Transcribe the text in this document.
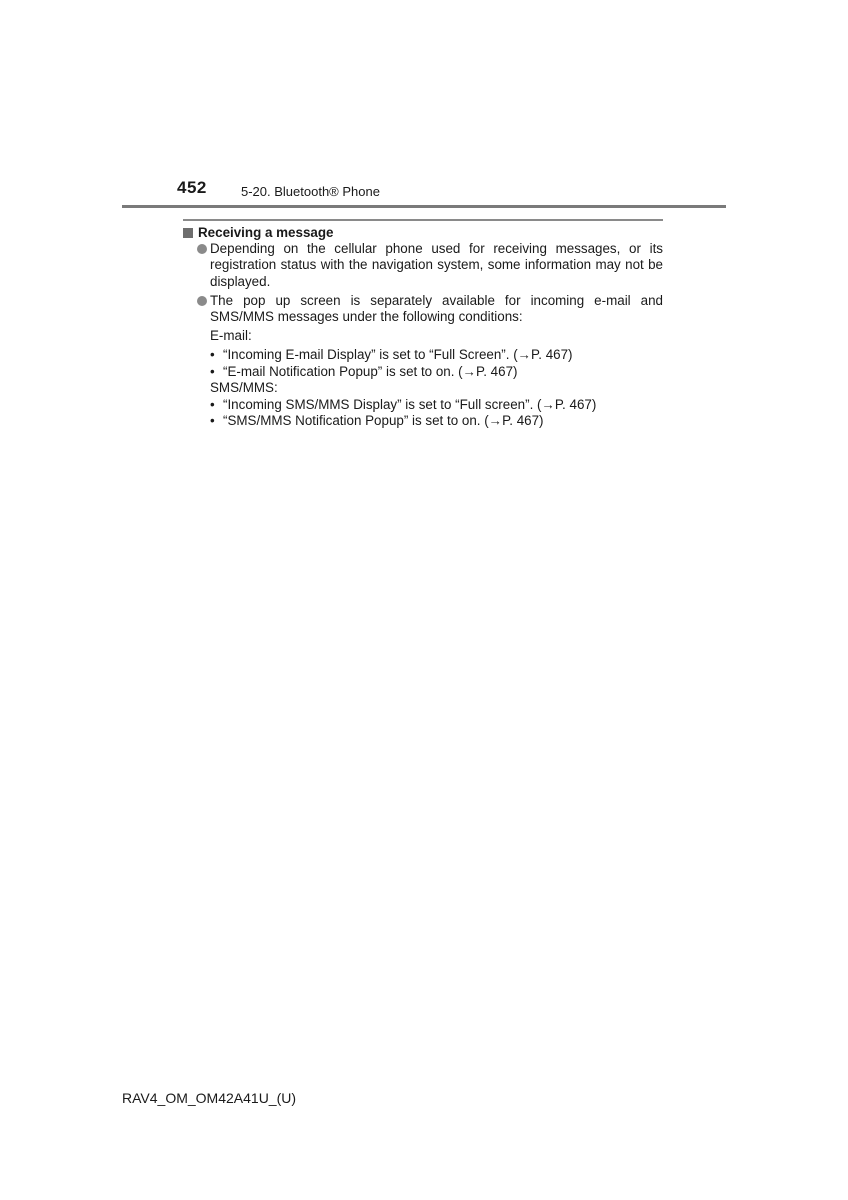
452	5-20. Bluetooth® Phone
Receiving a message
Depending on the cellular phone used for receiving messages, or its registration status with the navigation system, some information may not be displayed.
The pop up screen is separately available for incoming e-mail and SMS/MMS messages under the following conditions:
E-mail:
• “Incoming E-mail Display” is set to “Full Screen”. (→P. 467)
• “E-mail Notification Popup” is set to on. (→P. 467)
SMS/MMS:
• “Incoming SMS/MMS Display” is set to “Full screen”. (→P. 467)
• “SMS/MMS Notification Popup” is set to on. (→P. 467)
RAV4_OM_OM42A41U_(U)
